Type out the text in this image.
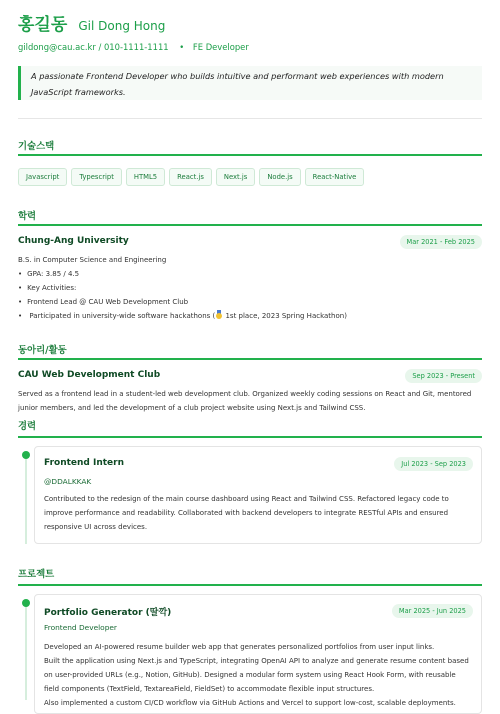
홍길동 Gil Dong Hong
gildong@cau.ac.kr / 010-1111-1111 • FE Developer
A passionate Frontend Developer who builds intuitive and performant web experiences with modern JavaScript frameworks.
기술스택
Javascript	Typescript	HTML5	React.js	Next.js	Node.js	React-Native
학력
Chung-Ang University	Mar 2021 - Feb 2025
B.S. in Computer Science and Engineering
• GPA: 3.85 / 4.5
• Key Activities:
• Frontend Lead @ CAU Web Development Club
• Participated in university-wide software hackathons ( 1st place, 2023 Spring Hackathon)
동아리/활동
CAU Web Development Club	Sep 2023 - Present
Served as a frontend lead in a student-led web development club. Organized weekly coding sessions on React and Git, mentored junior members, and led the development of a club project website using Next.js and Tailwind CSS.
경력
Frontend Intern	Jul 2023 - Sep 2023
@DDALKKAK
Contributed to the redesign of the main course dashboard using React and Tailwind CSS. Refactored legacy code to improve performance and readability. Collaborated with backend developers to integrate RESTful APIs and ensured responsive UI across devices.
프로젝트
Portfolio Generator (딸깍)	Mar 2025 - Jun 2025
Frontend Developer
Developed an AI-powered resume builder web app that generates personalized portfolios from user input links.
Built the application using Next.js and TypeScript, integrating OpenAI API to analyze and generate resume content based on user-provided URLs (e.g., Notion, GitHub). Designed a modular form system using React Hook Form, with reusable field components (TextField, TextareaField, FieldSet) to accommodate flexible input structures.
Also implemented a custom CI/CD workflow via GitHub Actions and Vercel to support low-cost, scalable deployments.
